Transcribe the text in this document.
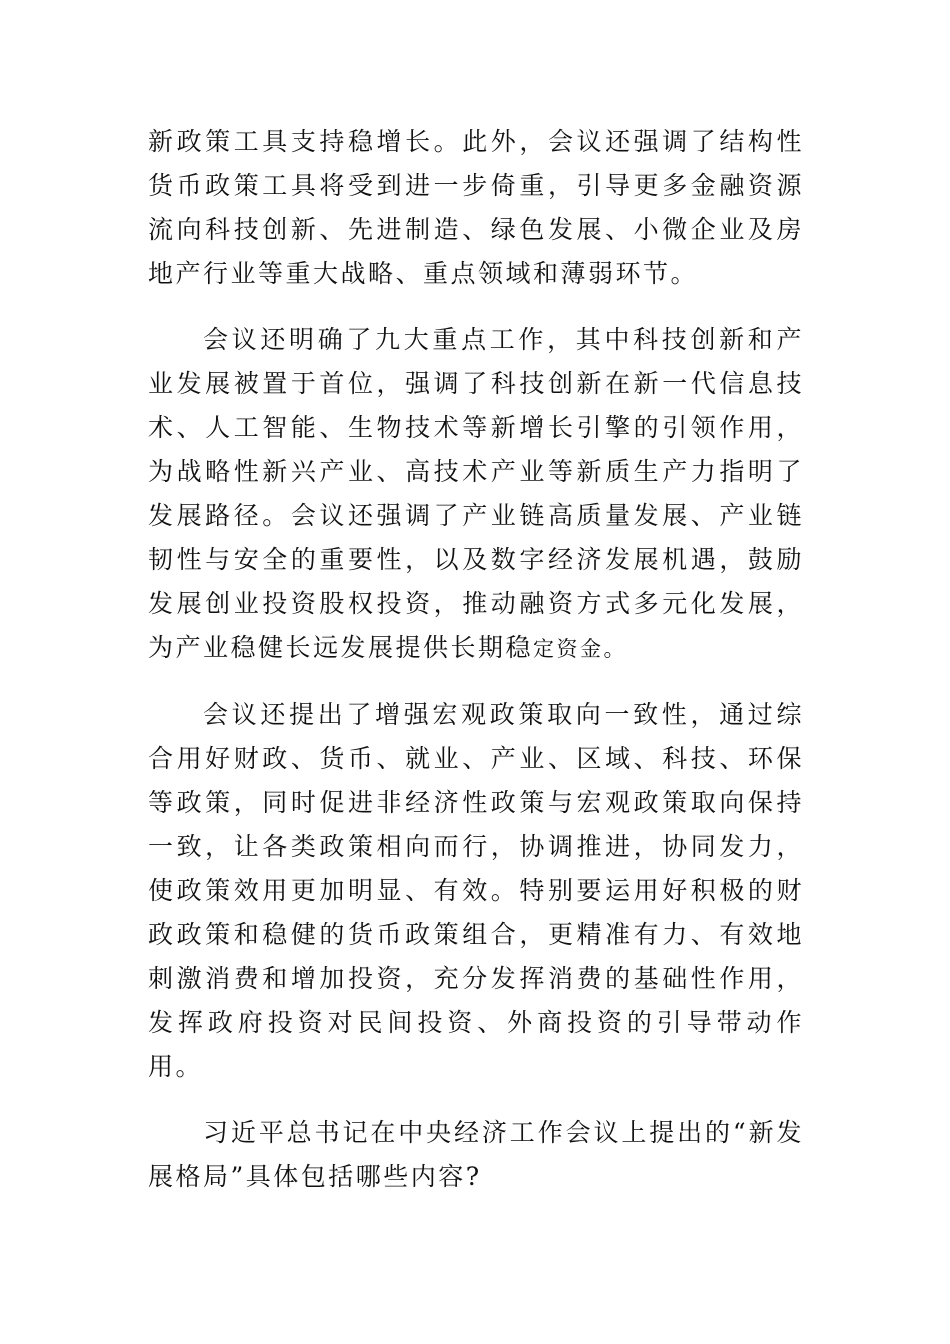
新政策工具支持稳增长。此外，会议还强调了结构性货币政策工具将受到进一步倚重，引导更多金融资源流向科技创新、先进制造、绿色发展、小微企业及房地产行业等重大战略、重点领域和薄弱环节。

会议还明确了九大重点工作，其中科技创新和产业发展被置于首位，强调了科技创新在新一代信息技术、人工智能、生物技术等新增长引擎的引领作用，为战略性新兴产业、高技术产业等新质生产力指明了发展路径。会议还强调了产业链高质量发展、产业链韧性与安全的重要性，以及数字经济发展机遇，鼓励发展创业投资股权投资，推动融资方式多元化发展，为产业稳健长远发展提供长期稳定资金。

会议还提出了增强宏观政策取向一致性，通过综合用好财政、货币、就业、产业、区域、科技、环保等政策，同时促进非经济性政策与宏观政策取向保持一致，让各类政策相向而行，协调推进，协同发力，使政策效用更加明显、有效。特别要运用好积极的财政政策和稳健的货币政策组合，更精准有力、有效地刺激消费和增加投资，充分发挥消费的基础性作用，发挥政府投资对民间投资、外商投资的引导带动作用。

习近平总书记在中央经济工作会议上提出的“新发展格局”具体包括哪些内容?
